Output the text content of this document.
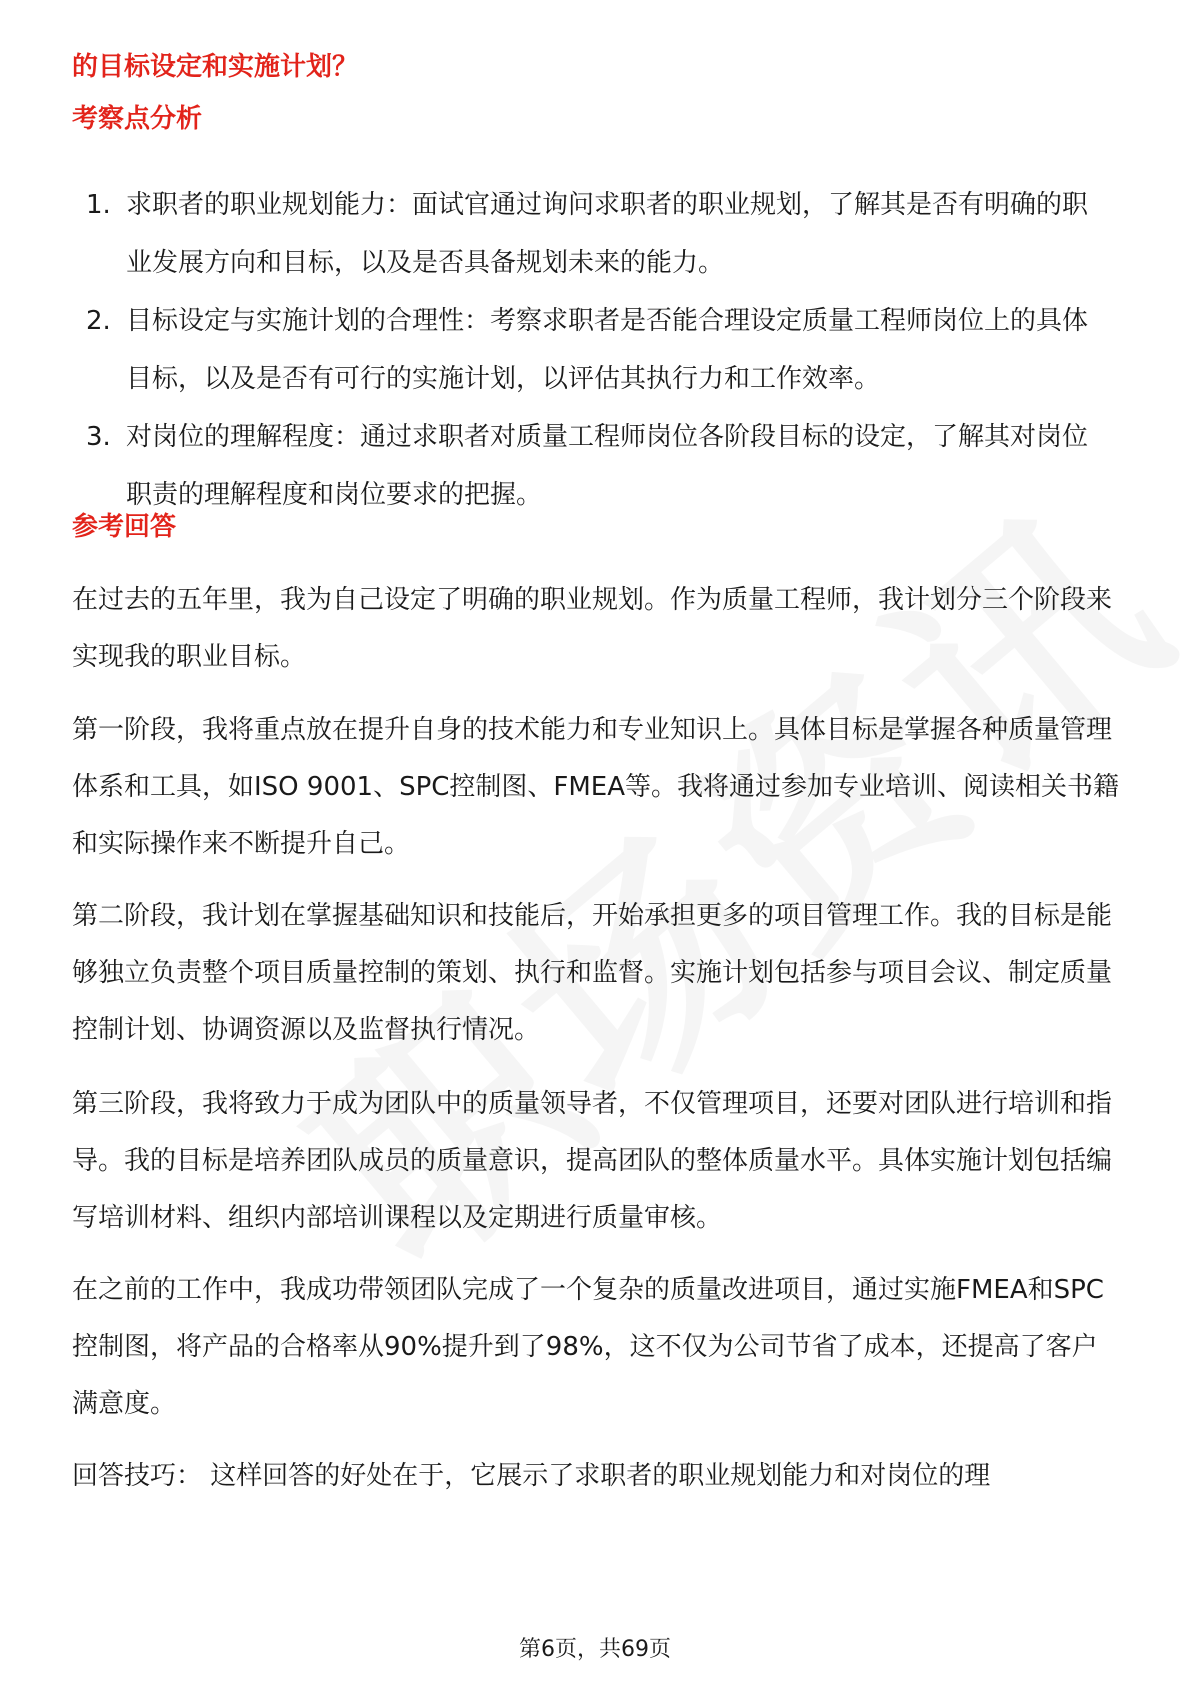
的目标设定和实施计划？
考察点分析
1. 求职者的职业规划能力：面试官通过询问求职者的职业规划，了解其是否有明确的职业发展方向和目标，以及是否具备规划未来的能力。
2. 目标设定与实施计划的合理性：考察求职者是否能合理设定质量工程师岗位上的具体目标，以及是否有可行的实施计划，以评估其执行力和工作效率。
3. 对岗位的理解程度：通过求职者对质量工程师岗位各阶段目标的设定，了解其对岗位职责的理解程度和岗位要求的把握。
参考回答

在过去的五年里，我为自己设定了明确的职业规划。作为质量工程师，我计划分三个阶段来实现我的职业目标。

第一阶段，我将重点放在提升自身的技术能力和专业知识上。具体目标是掌握各种质量管理体系和工具，如ISO 9001、SPC控制图、FMEA等。我将通过参加专业培训、阅读相关书籍和实际操作来不断提升自己。

第二阶段，我计划在掌握基础知识和技能后，开始承担更多的项目管理工作。我的目标是能够独立负责整个项目质量控制的策划、执行和监督。实施计划包括参与项目会议、制定质量控制计划、协调资源以及监督执行情况。

第三阶段，我将致力于成为团队中的质量领导者，不仅管理项目，还要对团队进行培训和指导。我的目标是培养团队成员的质量意识，提高团队的整体质量水平。具体实施计划包括编写培训材料、组织内部培训课程以及定期进行质量审核。

在之前的工作中，我成功带领团队完成了一个复杂的质量改进项目，通过实施FMEA和SPC控制图，将产品的合格率从90%提升到了98%，这不仅为公司节省了成本，还提高了客户满意度。

回答技巧： 这样回答的好处在于，它展示了求职者的职业规划能力和对岗位的理

第6页，共69页
